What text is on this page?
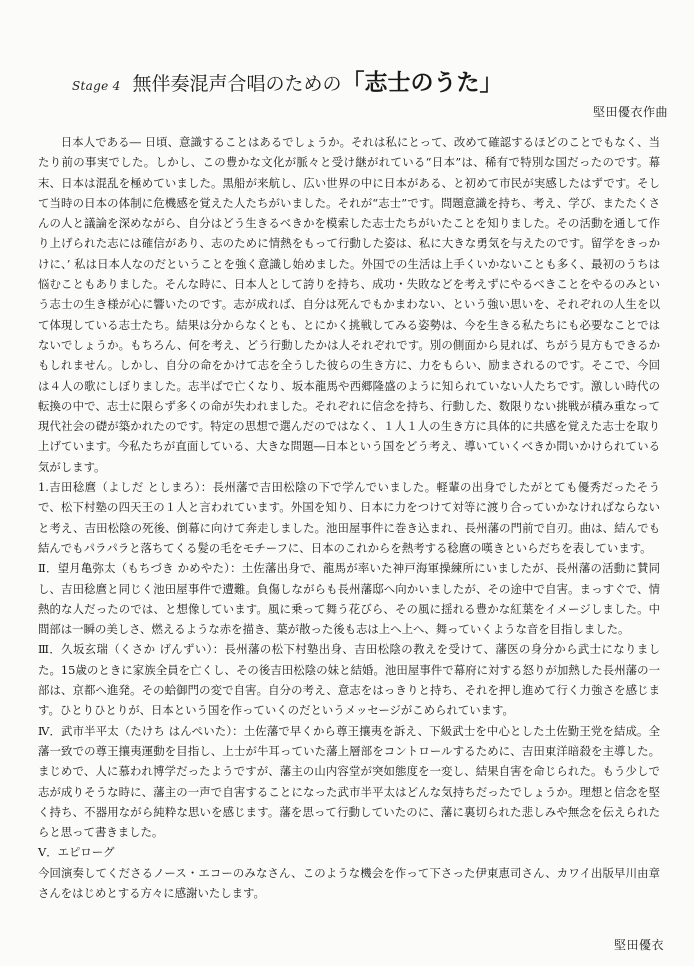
Stage 4 無伴奏混声合唱のための 「志士のうた」
堅田優衣作曲

日本人である― 日頃、意識することはあるでしょうか。それは私にとって、改めて確認するほどのことでもなく、当たり前の事実でした。しかし、この豊かな文化が脈々と受け継がれている“日本”は、稀有で特別な国だったのです。幕末、日本は混乱を極めていました。黒船が来航し、広い世界の中に日本がある、と初めて市民が実感したはずです。そして当時の日本の体制に危機感を覚えた人たちがいました。それが“志士”です。問題意識を持ち、考え、学び、またたくさんの人と議論を深めながら、自分はどう生きるべきかを模索した志士たちがいたことを知りました。その活動を通して作り上げられた志には確信があり、志のために情熱をもって行動した姿は、私に大きな勇気を与えたのです。留学をきっかけに、’ 私は日本人なのだということを強く意識し始めました。外国での生活は上手くいかないことも多く、最初のうちは悩むこともありました。そんな時に、日本人として誇りを持ち、成功・失敗などを考えずにやるべきことをやるのみという志士の生き様が心に響いたのです。志が成れば、自分は死んでもかまわない、という強い思いを、それぞれの人生を以て体現している志士たち。結果は分からなくとも、とにかく挑戦してみる姿勢は、今を生きる私たちにも必要なことではないでしょうか。もちろん、何を考え、どう行動したかは人それぞれです。別の側面から見れば、ちがう見方もできるかもしれません。しかし、自分の命をかけて志を全うした彼らの生き方に、力をもらい、励まされるのです。そこで、今回は４人の歌にしぼりました。志半ばで亡くなり、坂本龍馬や西郷隆盛のように知られていない人たちです。激しい時代の転換の中で、志士に限らず多くの命が失われました。それぞれに信念を持ち、行動した、数限りない挑戦が積み重なって現代社会の礎が築かれたのです。特定の思想で選んだのではなく、１人１人の生き方に具体的に共感を覚えた志士を取り上げています。今私たちが直面している、大きな問題―日本という国をどう考え、導いていくべきか問いかけられている気がします。

1.吉田稔麿（よしだ としまろ）：長州藩で吉田松陰の下で学んでいました。軽輩の出身でしたがとても優秀だったそうで、松下村塾の四天王の１人と言われています。外国を知り、日本に力をつけて対等に渡り合っていかなければならないと考え、吉田松陰の死後、倒幕に向けて奔走しました。池田屋事件に巻き込まれ、長州藩の門前で自刃。曲は、結んでも結んでもパラパラと落ちてくる髪の毛をモチーフに、日本のこれからを熱考する稔麿の嘆きといらだちを表しています。

Ⅱ．望月亀弥太（もちづき かめやた）：土佐藩出身で、龍馬が率いた神戸海軍操練所にいましたが、長州藩の活動に賛同し、吉田稔麿と同じく池田屋事件で遭難。負傷しながらも長州藩邸へ向かいましたが、その途中で自害。まっすぐで、情熱的な人だったのでは、と想像しています。風に乗って舞う花びら、その風に揺れる豊かな紅葉をイメージしました。中間部は一瞬の美しさ、燃えるような赤を描き、葉が散った後も志は上へ上へ、舞っていくような音を目指しました。

Ⅲ．久坂玄瑞（くさか げんずい）：長州藩の松下村塾出身、吉田松陰の教えを受けて、藩医の身分から武士になりました。15歳のときに家族全員を亡くし、その後吉田松陰の妹と結婚。池田屋事件で幕府に対する怒りが加熱した長州藩の一部は、京都へ進発。その蛤御門の変で自害。自分の考え、意志をはっきりと持ち、それを押し進めて行く力強さを感じます。ひとりひとりが、日本という国を作っていくのだというメッセージがこめられています。

Ⅳ．武市半平太（たけち はんぺいた）：土佐藩で早くから尊王攘夷を訴え、下級武士を中心とした土佐勤王党を結成。全藩一致での尊王攘夷運動を目指し、上士が牛耳っていた藩上層部をコントロールするために、吉田東洋暗殺を主導した。まじめで、人に慕われ博学だったようですが、藩主の山内容堂が突如態度を一変し、結果自害を命じられた。もう少しで志が成りそうな時に、藩主の一声で自害することになった武市半平太はどんな気持ちだったでしょうか。理想と信念を堅く持ち、不器用ながら純粋な思いを感じます。藩を思って行動していたのに、藩に裏切られた悲しみや無念を伝えられたらと思って書きました。

Ⅴ．エピローグ

今回演奏してくださるノース・エコーのみなさん、このような機会を作って下さった伊東恵司さん、カワイ出版早川由章さんをはじめとする方々に感謝いたします。

堅田優衣
